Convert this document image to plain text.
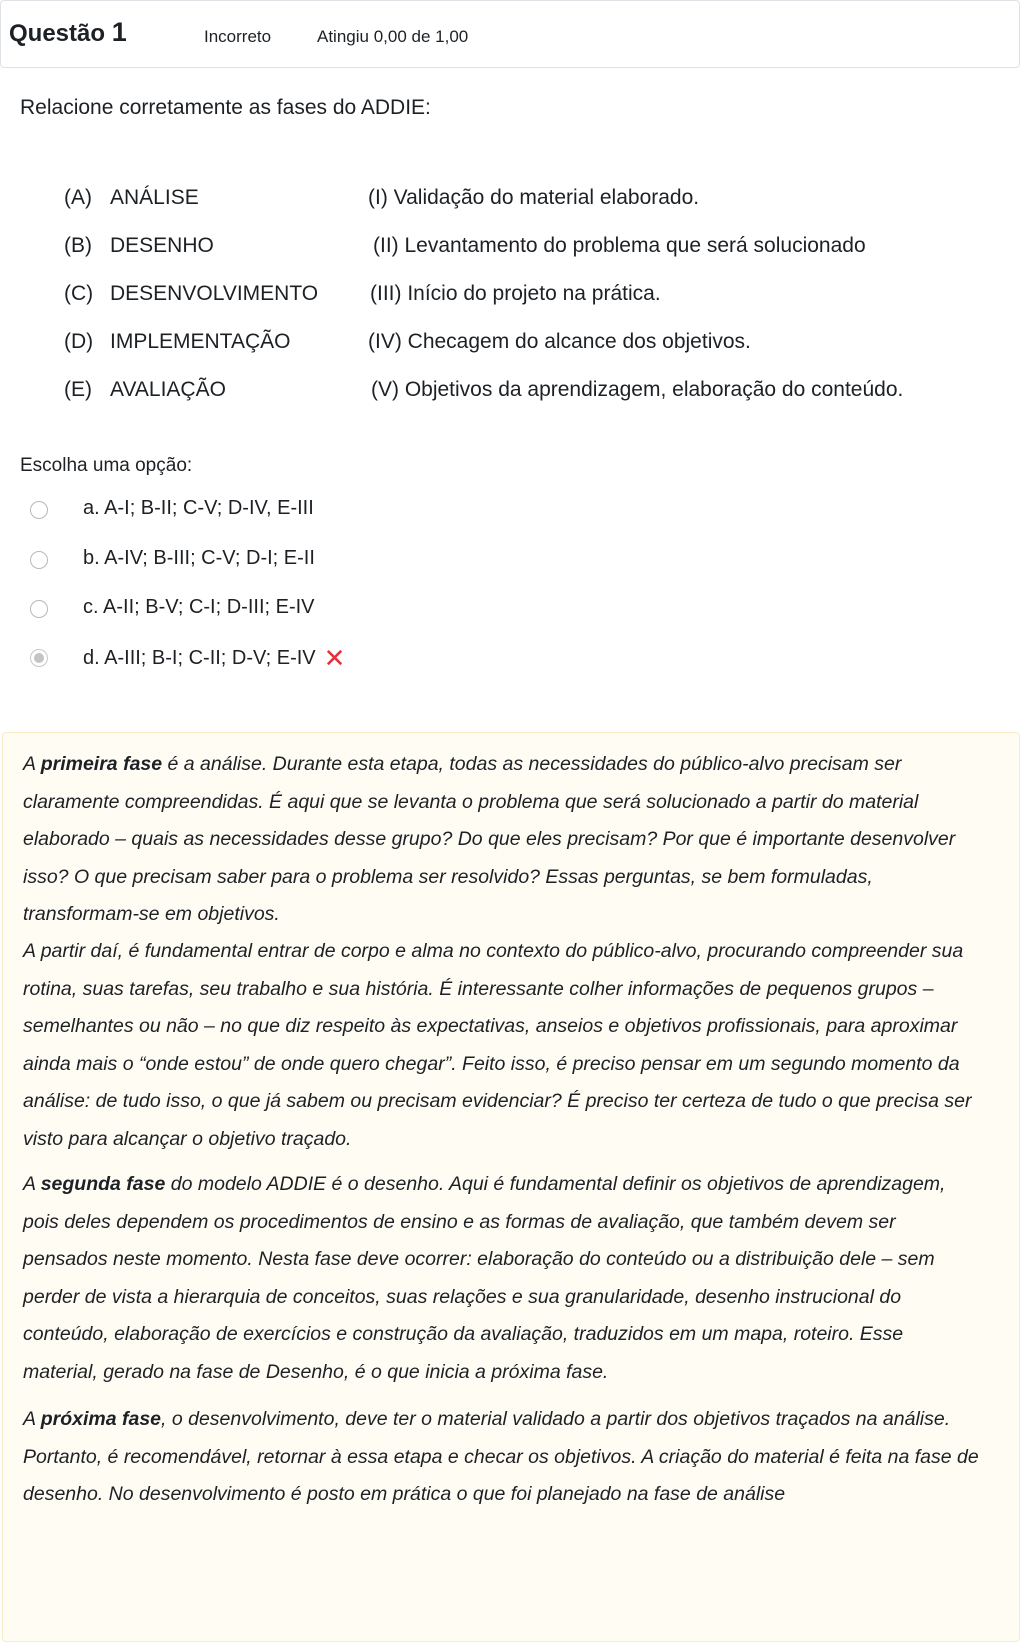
Questão 1	Incorreto	Atingiu 0,00 de 1,00
Relacione corretamente as fases do ADDIE:
(A) ANÁLISE	(I) Validação do material elaborado.
(B) DESENHO	(II) Levantamento do problema que será solucionado
(C) DESENVOLVIMENTO (III) Início do projeto na prática.
(D) IMPLEMENTAÇÃO	(IV) Checagem do alcance dos objetivos.
(E) AVALIAÇÃO	(V) Objetivos da aprendizagem, elaboração do conteúdo.
Escolha uma opção:
a. A-I; B-II; C-V; D-IV, E-III
b. A-IV; B-III; C-V; D-I; E-II
c. A-II; B-V; C-I; D-III; E-IV
d. A-III; B-I; C-II; D-V; E-IV ✕
A primeira fase é a análise. Durante esta etapa, todas as necessidades do público-alvo precisam ser claramente compreendidas. É aqui que se levanta o problema que será solucionado a partir do material elaborado – quais as necessidades desse grupo? Do que eles precisam? Por que é importante desenvolver isso? O que precisam saber para o problema ser resolvido? Essas perguntas, se bem formuladas, transformam-se em objetivos.
A partir daí, é fundamental entrar de corpo e alma no contexto do público-alvo, procurando compreender sua rotina, suas tarefas, seu trabalho e sua história. É interessante colher informações de pequenos grupos – semelhantes ou não – no que diz respeito às expectativas, anseios e objetivos profissionais, para aproximar ainda mais o “onde estou” de onde quero chegar”. Feito isso, é preciso pensar em um segundo momento da análise: de tudo isso, o que já sabem ou precisam evidenciar? É preciso ter certeza de tudo o que precisa ser visto para alcançar o objetivo traçado.
A segunda fase do modelo ADDIE é o desenho. Aqui é fundamental definir os objetivos de aprendizagem, pois deles dependem os procedimentos de ensino e as formas de avaliação, que também devem ser pensados neste momento. Nesta fase deve ocorrer: elaboração do conteúdo ou a distribuição dele – sem perder de vista a hierarquia de conceitos, suas relações e sua granularidade, desenho instrucional do conteúdo, elaboração de exercícios e construção da avaliação, traduzidos em um mapa, roteiro. Esse material, gerado na fase de Desenho, é o que inicia a próxima fase.
A próxima fase, o desenvolvimento, deve ter o material validado a partir dos objetivos traçados na análise. Portanto, é recomendável, retornar à essa etapa e checar os objetivos. A criação do material é feita na fase de desenho. No desenvolvimento é posto em prática o que foi planejado na fase de análise
